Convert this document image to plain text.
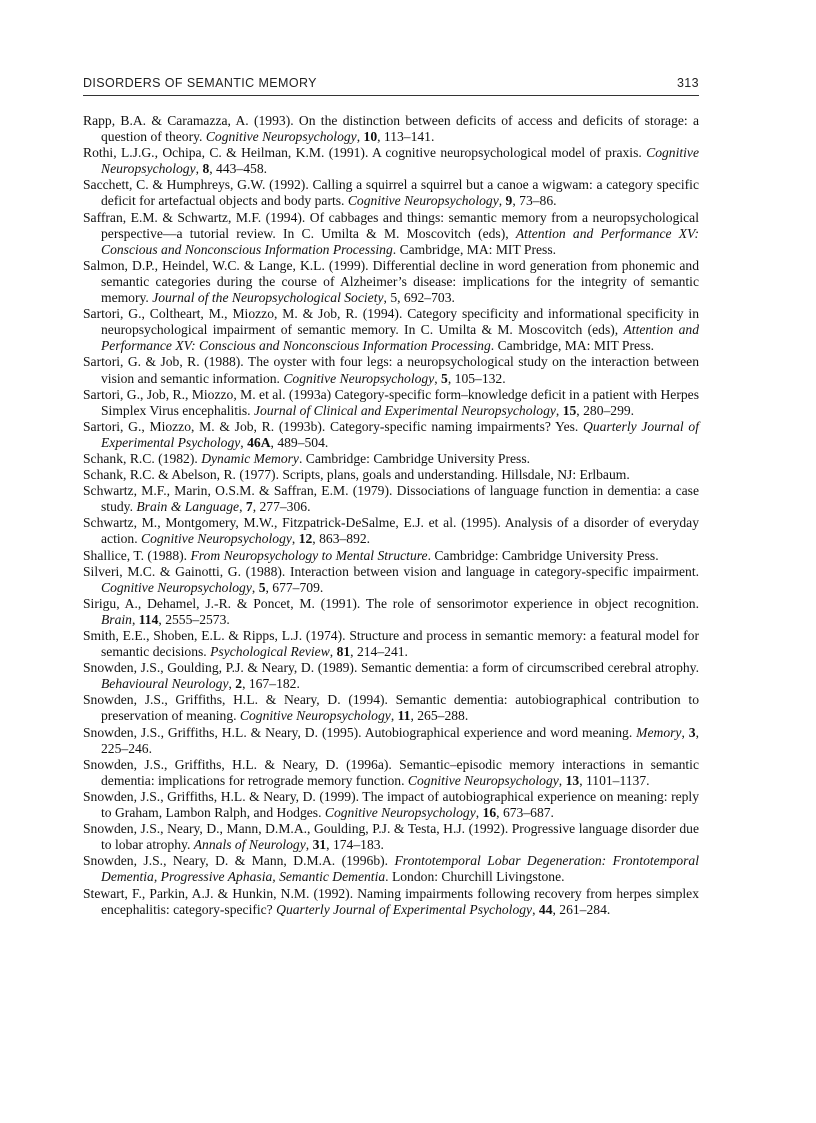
DISORDERS OF SEMANTIC MEMORY	313
Rapp, B.A. & Caramazza, A. (1993). On the distinction between deficits of access and deficits of storage: a question of theory. Cognitive Neuropsychology, 10, 113–141.
Rothi, L.J.G., Ochipa, C. & Heilman, K.M. (1991). A cognitive neuropsychological model of praxis. Cognitive Neuropsychology, 8, 443–458.
Sacchett, C. & Humphreys, G.W. (1992). Calling a squirrel a squirrel but a canoe a wigwam: a category specific deficit for artefactual objects and body parts. Cognitive Neuropsychology, 9, 73–86.
Saffran, E.M. & Schwartz, M.F. (1994). Of cabbages and things: semantic memory from a neuropsychological perspective—a tutorial review. In C. Umilta & M. Moscovitch (eds), Attention and Performance XV: Conscious and Nonconscious Information Processing. Cambridge, MA: MIT Press.
Salmon, D.P., Heindel, W.C. & Lange, K.L. (1999). Differential decline in word generation from phonemic and semantic categories during the course of Alzheimer’s disease: implications for the integrity of semantic memory. Journal of the Neuropsychological Society, 5, 692–703.
Sartori, G., Coltheart, M., Miozzo, M. & Job, R. (1994). Category specificity and informational specificity in neuropsychological impairment of semantic memory. In C. Umilta & M. Moscovitch (eds), Attention and Performance XV: Conscious and Nonconscious Information Processing. Cambridge, MA: MIT Press.
Sartori, G. & Job, R. (1988). The oyster with four legs: a neuropsychological study on the interaction between vision and semantic information. Cognitive Neuropsychology, 5, 105–132.
Sartori, G., Job, R., Miozzo, M. et al. (1993a) Category-specific form–knowledge deficit in a patient with Herpes Simplex Virus encephalitis. Journal of Clinical and Experimental Neuropsychology, 15, 280–299.
Sartori, G., Miozzo, M. & Job, R. (1993b). Category-specific naming impairments? Yes. Quarterly Journal of Experimental Psychology, 46A, 489–504.
Schank, R.C. (1982). Dynamic Memory. Cambridge: Cambridge University Press.
Schank, R.C. & Abelson, R. (1977). Scripts, plans, goals and understanding. Hillsdale, NJ: Erlbaum.
Schwartz, M.F., Marin, O.S.M. & Saffran, E.M. (1979). Dissociations of language function in dementia: a case study. Brain & Language, 7, 277–306.
Schwartz, M., Montgomery, M.W., Fitzpatrick-DeSalme, E.J. et al. (1995). Analysis of a disorder of everyday action. Cognitive Neuropsychology, 12, 863–892.
Shallice, T. (1988). From Neuropsychology to Mental Structure. Cambridge: Cambridge University Press.
Silveri, M.C. & Gainotti, G. (1988). Interaction between vision and language in category-specific impairment. Cognitive Neuropsychology, 5, 677–709.
Sirigu, A., Dehamel, J.-R. & Poncet, M. (1991). The role of sensorimotor experience in object recognition. Brain, 114, 2555–2573.
Smith, E.E., Shoben, E.L. & Ripps, L.J. (1974). Structure and process in semantic memory: a featural model for semantic decisions. Psychological Review, 81, 214–241.
Snowden, J.S., Goulding, P.J. & Neary, D. (1989). Semantic dementia: a form of circumscribed cerebral atrophy. Behavioural Neurology, 2, 167–182.
Snowden, J.S., Griffiths, H.L. & Neary, D. (1994). Semantic dementia: autobiographical contribution to preservation of meaning. Cognitive Neuropsychology, 11, 265–288.
Snowden, J.S., Griffiths, H.L. & Neary, D. (1995). Autobiographical experience and word meaning. Memory, 3, 225–246.
Snowden, J.S., Griffiths, H.L. & Neary, D. (1996a). Semantic–episodic memory interactions in semantic dementia: implications for retrograde memory function. Cognitive Neuropsychology, 13, 1101–1137.
Snowden, J.S., Griffiths, H.L. & Neary, D. (1999). The impact of autobiographical experience on meaning: reply to Graham, Lambon Ralph, and Hodges. Cognitive Neuropsychology, 16, 673–687.
Snowden, J.S., Neary, D., Mann, D.M.A., Goulding, P.J. & Testa, H.J. (1992). Progressive language disorder due to lobar atrophy. Annals of Neurology, 31, 174–183.
Snowden, J.S., Neary, D. & Mann, D.M.A. (1996b). Frontotemporal Lobar Degeneration: Frontotemporal Dementia, Progressive Aphasia, Semantic Dementia. London: Churchill Livingstone.
Stewart, F., Parkin, A.J. & Hunkin, N.M. (1992). Naming impairments following recovery from herpes simplex encephalitis: category-specific? Quarterly Journal of Experimental Psychology, 44, 261–284.
